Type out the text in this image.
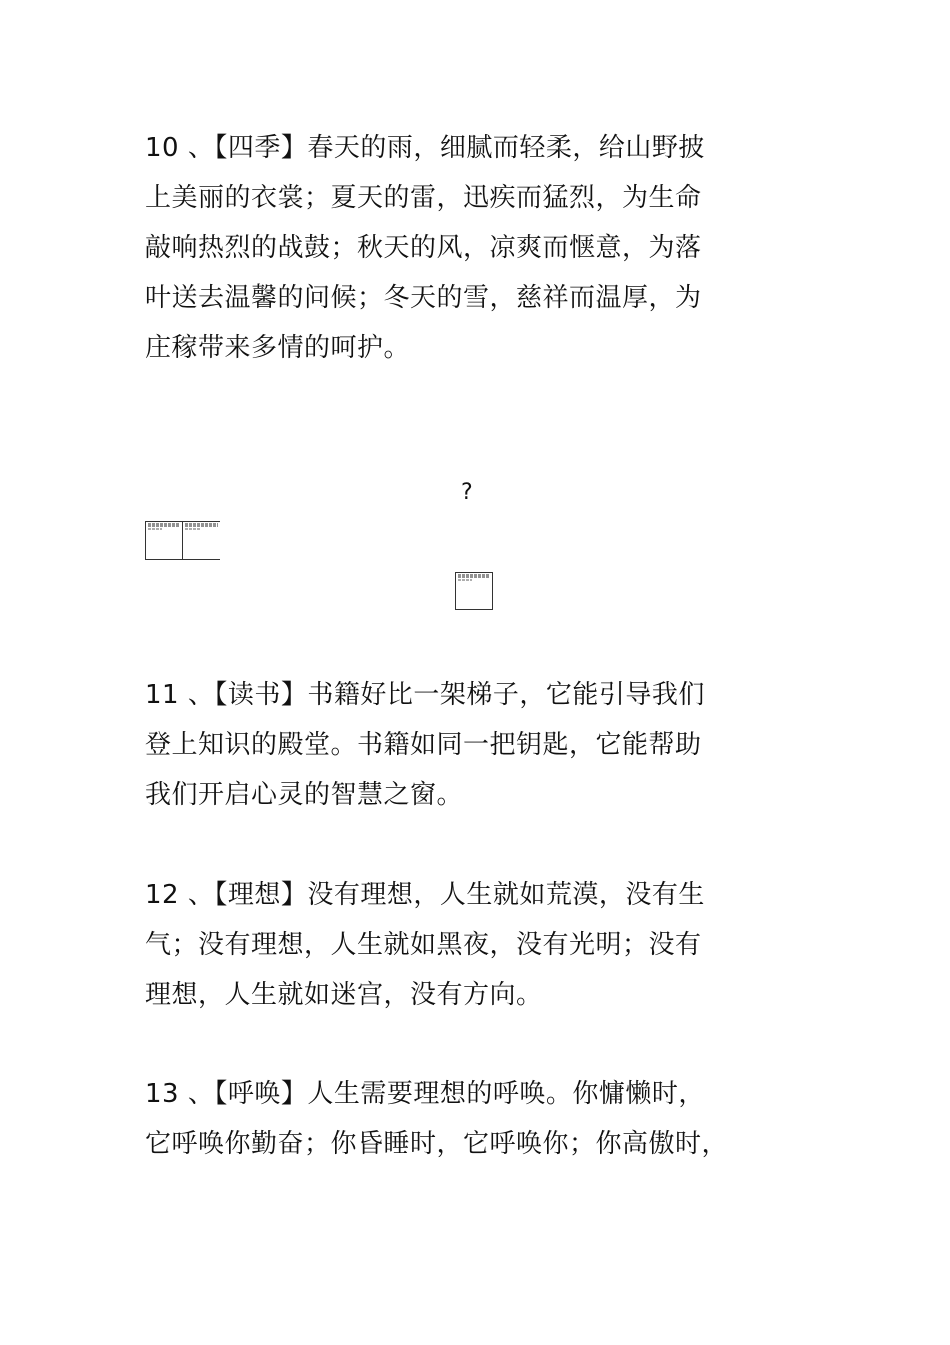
10 、【四季】春天的雨，细腻而轻柔，给山野披
上美丽的衣裳；夏天的雷，迅疾而猛烈，为生命
敲响热烈的战鼓；秋天的风，凉爽而惬意，为落
叶送去温馨的问候；冬天的雪，慈祥而温厚，为
庄稼带来多情的呵护。
?
11 、【读书】书籍好比一架梯子，它能引导我们
登上知识的殿堂。书籍如同一把钥匙，它能帮助
我们开启心灵的智慧之窗。
12 、【理想】没有理想，人生就如荒漠，没有生
气；没有理想，人生就如黑夜，没有光明；没有
理想，人生就如迷宫，没有方向。
13 、【呼唤】人生需要理想的呼唤。你慵懒时，
它呼唤你勤奋；你昏睡时，它呼唤你；你高傲时，
